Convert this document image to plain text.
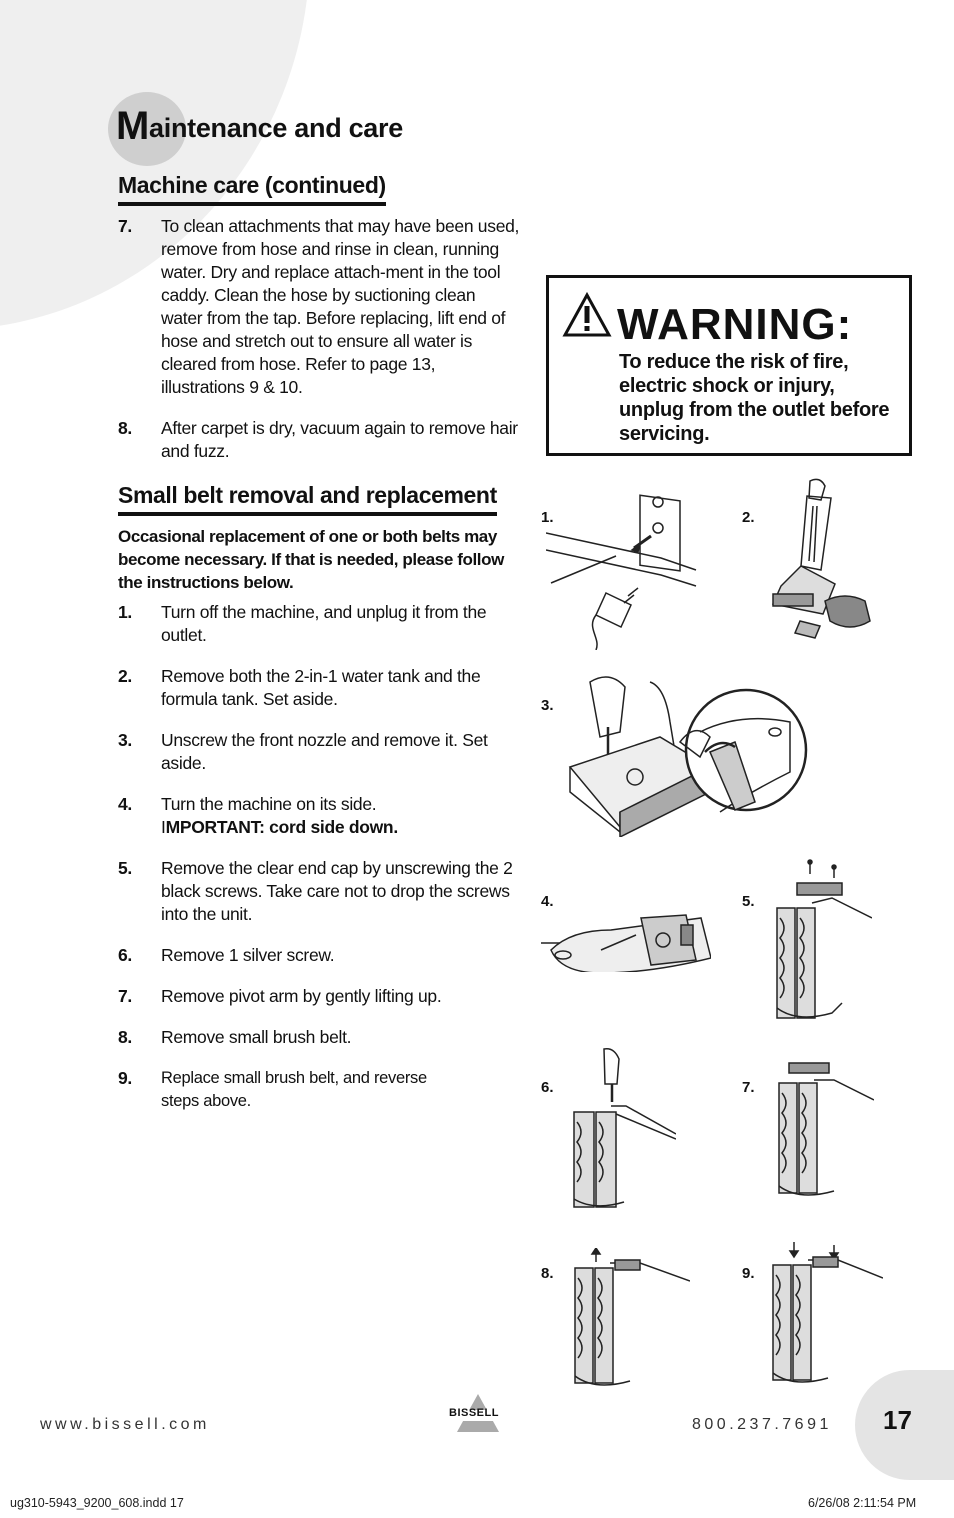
Maintenance and care
Machine care (continued)
7.	To clean attachments that may have been used, remove from hose and rinse in clean, running water. Dry and replace attach-ment in the tool caddy. Clean the hose by suctioning clean water from the tap. Before replacing, lift end of hose and stretch out to ensure all water is cleared from hose. Refer to page 13, illustrations 9 & 10.
8.	After carpet is dry, vacuum again to remove hair and fuzz.
Small belt removal and replacement
Occasional replacement of one or both belts may become necessary. If that is needed, please follow the instructions below.
1.	Turn off the machine, and unplug it from the outlet.
2.	Remove both the 2-in-1 water tank and the formula tank. Set aside.
3.	Unscrew the front nozzle and remove it. Set aside.
4.	Turn the machine on its side.
IMPORTANT: cord side down.
5.	Remove the clear end cap by unscrewing the 2 black screws. Take care not to drop the screws into the unit.
6.	Remove 1 silver screw.
7.	Remove pivot arm by gently lifting up.
8.	Remove small brush belt.
9.	Replace small brush belt, and reverse steps above.
WARNING:
To reduce the risk of fire, electric shock or injury, unplug from the outlet before servicing.
1.	2.
3.
4.	5.
6.	7.
8.	9.
www.bissell.com
BISSELL
800.237.7691 17
ug310-5943_9200_608.indd 17	6/26/08 2:11:54 PM
